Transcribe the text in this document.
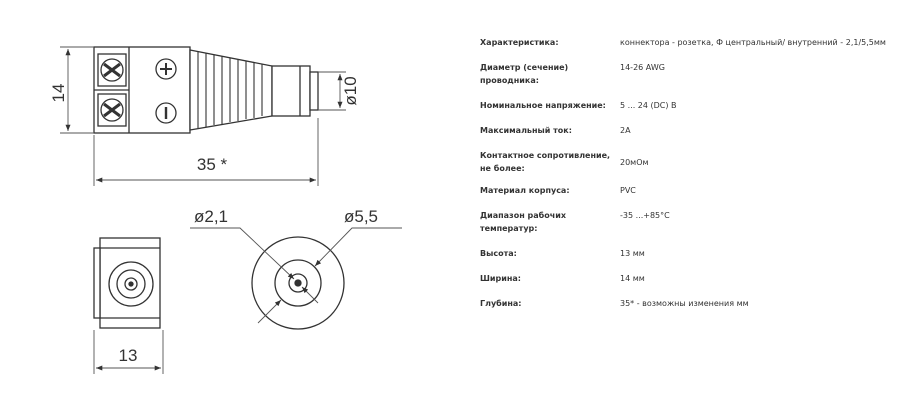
14	ø10
35 *
13
ø2,1	ø5,5
Характеристика:	коннектора - розетка, Ф центральный/ внутренний - 2,1/5,5мм
Диаметр (сечение) проводника:	14-26 AWG
Номинальное напряжение:	5 ... 24 (DC) В
Максимальный ток:	2А
Контактное сопротивление, не более:	20мОм
Материал корпуса:	PVC
Диапазон рабочих температур:	-35 ...+85°С
Высота:	13 мм
Ширина:	14 мм
Глубина:	35* - возможны изменения мм
